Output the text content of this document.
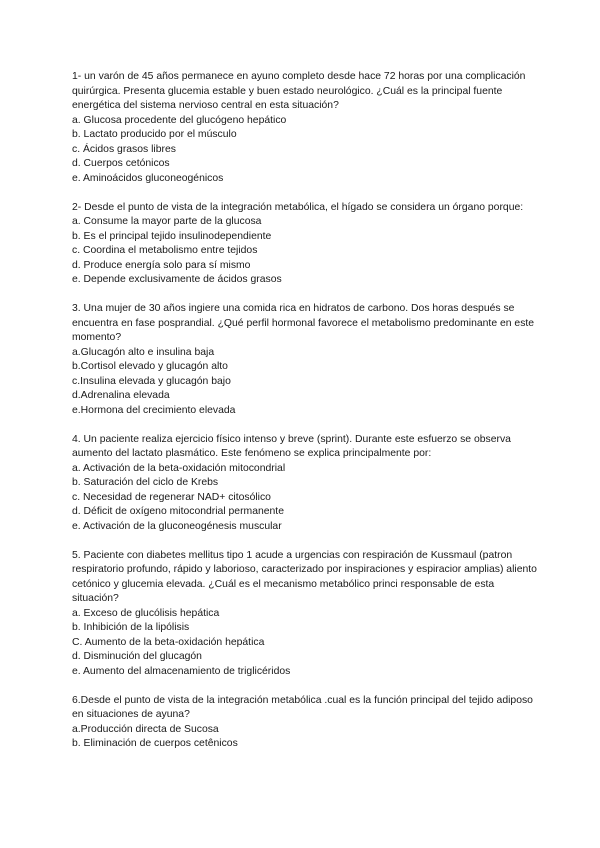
1- un varón de 45 años permanece en ayuno completo desde hace 72 horas por una complicación quirúrgica. Presenta glucemia estable y buen estado neurológico. ¿Cuál es la principal fuente energética del sistema nervioso central en esta situación?

a. Glucosa procedente del glucógeno hepático
b. Lactato producido por el músculo
c. Ácidos grasos libres
d. Cuerpos cetónicos
e. Aminoácidos gluconeogénicos

2- Desde el punto de vista de la integración metabólica, el hígado se considera un órgano porque:

a. Consume la mayor parte de la glucosa
b. Es el principal tejido insulinodependiente
c. Coordina el metabolismo entre tejidos
d. Produce energía solo para sí mismo
e. Depende exclusivamente de ácidos grasos

3. Una mujer de 30 años ingiere una comida rica en hidratos de carbono. Dos horas después se encuentra en fase posprandial. ¿Qué perfil hormonal favorece el metabolismo predominante en este momento?

a.Glucagón alto e insulina baja
b.Cortisol elevado y glucagón alto
c.Insulina elevada y glucagón bajo
d.Adrenalina elevada
e.Hormona del crecimiento elevada

4. Un paciente realiza ejercicio físico intenso y breve (sprint). Durante este esfuerzo se observa aumento del lactato plasmático. Este fenómeno se explica principalmente por:

a. Activación de la beta-oxidación mitocondrial
b. Saturación del ciclo de Krebs
c. Necesidad de regenerar NAD+ citosólico
d. Déficit de oxígeno mitocondrial permanente
e. Activación de la gluconeogénesis muscular

5. Paciente con diabetes mellitus tipo 1 acude a urgencias con respiración de Kussmaul (patron respiratorio profundo, rápido y laborioso, caracterizado por inspiraciones y espiracior amplias) aliento cetónico y glucemia elevada. ¿Cuál es el mecanismo metabólico princi responsable de esta situación?

a. Exceso de glucólisis hepática
b. Inhibición de la lipólisis
C. Aumento de la beta-oxidación hepática
d. Disminución del glucagón
e. Aumento del almacenamiento de triglicéridos

6.Desde el punto de vista de la integración metabólica .cual es la función principal del tejido adiposo en situaciones de ayuna?

a.Producción directa de Sucosa
b. Eliminación de cuerpos cetênicos
